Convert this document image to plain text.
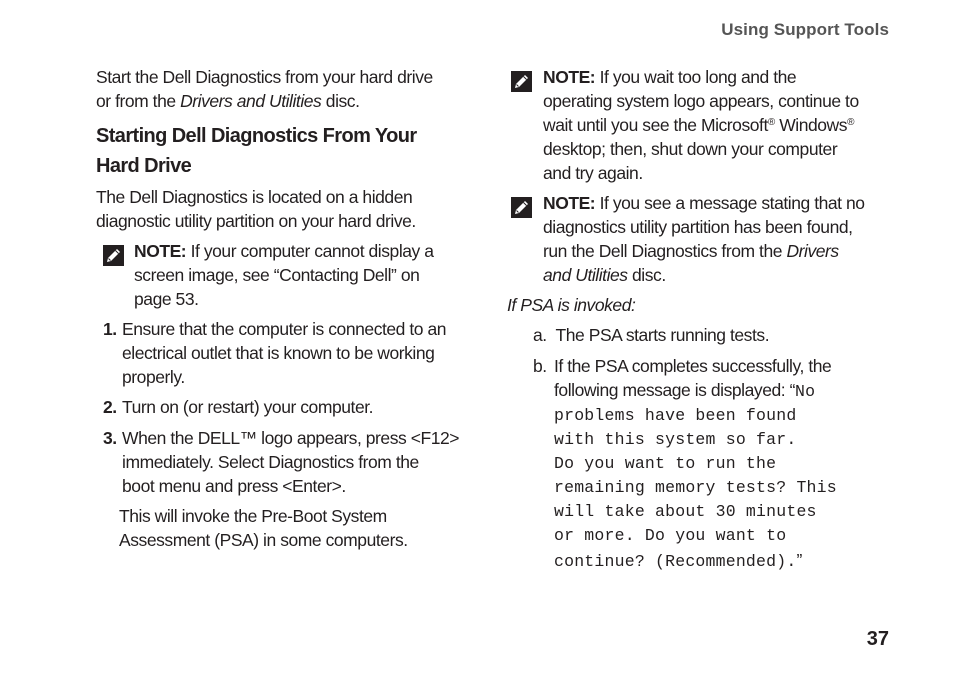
Using Support Tools
Start the Dell Diagnostics from your hard drive
or from the Drivers and Utilities disc.
Starting Dell Diagnostics From Your
Hard Drive
The Dell Diagnostics is located on a hidden
diagnostic utility partition on your hard drive.
NOTE: If your computer cannot display a
screen image, see “Contacting Dell” on
page 53.
1. Ensure that the computer is connected to an
electrical outlet that is known to be working
properly.
2. Turn on (or restart) your computer.
3. When the DELL™ logo appears, press <F12>
immediately. Select Diagnostics from the
boot menu and press <Enter>.
This will invoke the Pre-Boot System
Assessment (PSA) in some computers.
NOTE: If you wait too long and the
operating system logo appears, continue to
wait until you see the Microsoft® Windows®
desktop; then, shut down your computer
and try again.
NOTE: If you see a message stating that no
diagnostics utility partition has been found,
run the Dell Diagnostics from the Drivers
and Utilities disc.
If PSA is invoked:
a.  The PSA starts running tests.
b. If the PSA completes successfully, the
following message is displayed: “No
problems have been found
with this system so far.
Do you want to run the
remaining memory tests? This
will take about 30 minutes
or more. Do you want to
continue? (Recommended).”
37
